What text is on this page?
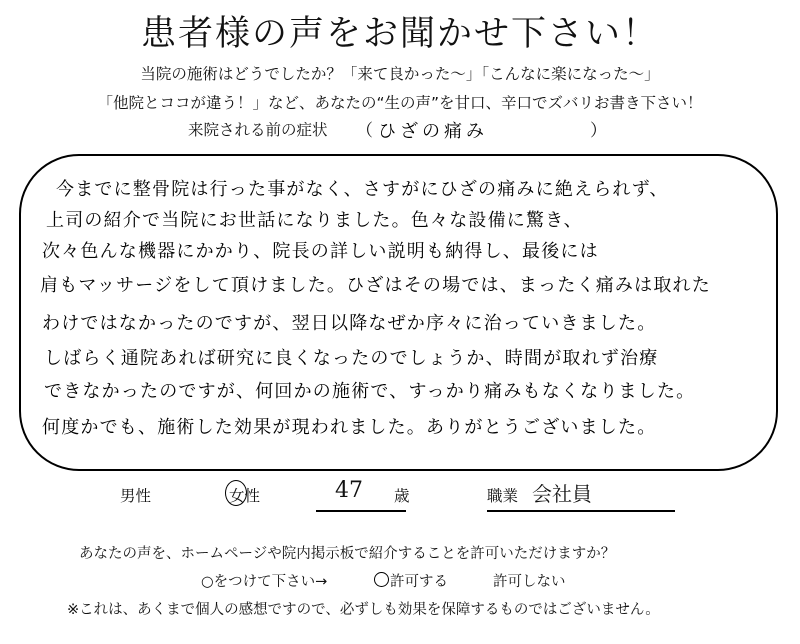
患者様の声をお聞かせ下さい！
当院の施術はどうでしたか？「来て良かった～」「こんなに楽になった～」
「他院とココが違う！」など、あなたの“生の声”を甘口、辛口でズバリお書き下さい！
来院される前の症状 （ ひざの痛み	）
今までに整骨院は行った事がなく、さすがにひざの痛みに絶えられず、
上司の紹介で当院にお世話になりました。色々な設備に驚き、
次々色んな機器にかかり、院長の詳しい説明も納得し、最後には
肩もマッサージをして頂けました。ひざはその場では、まったく痛みは取れた
わけではなかったのですが、翌日以降なぜか序々に治っていきました。
しばらく通院あれば研究に良くなったのでしょうか、時間が取れず治療
できなかったのですが、何回かの施術で、すっかり痛みもなくなりました。
何度かでも、施術した効果が現われました。ありがとうございました。
男性	女性	47 歳	職業 会社員
あなたの声を、ホームページや院内掲示板で紹介することを許可いただけますか？
○をつけて下さい→	許可する	許可しない
※これは、あくまで個人の感想ですので、必ずしも効果を保障するものではございません。
